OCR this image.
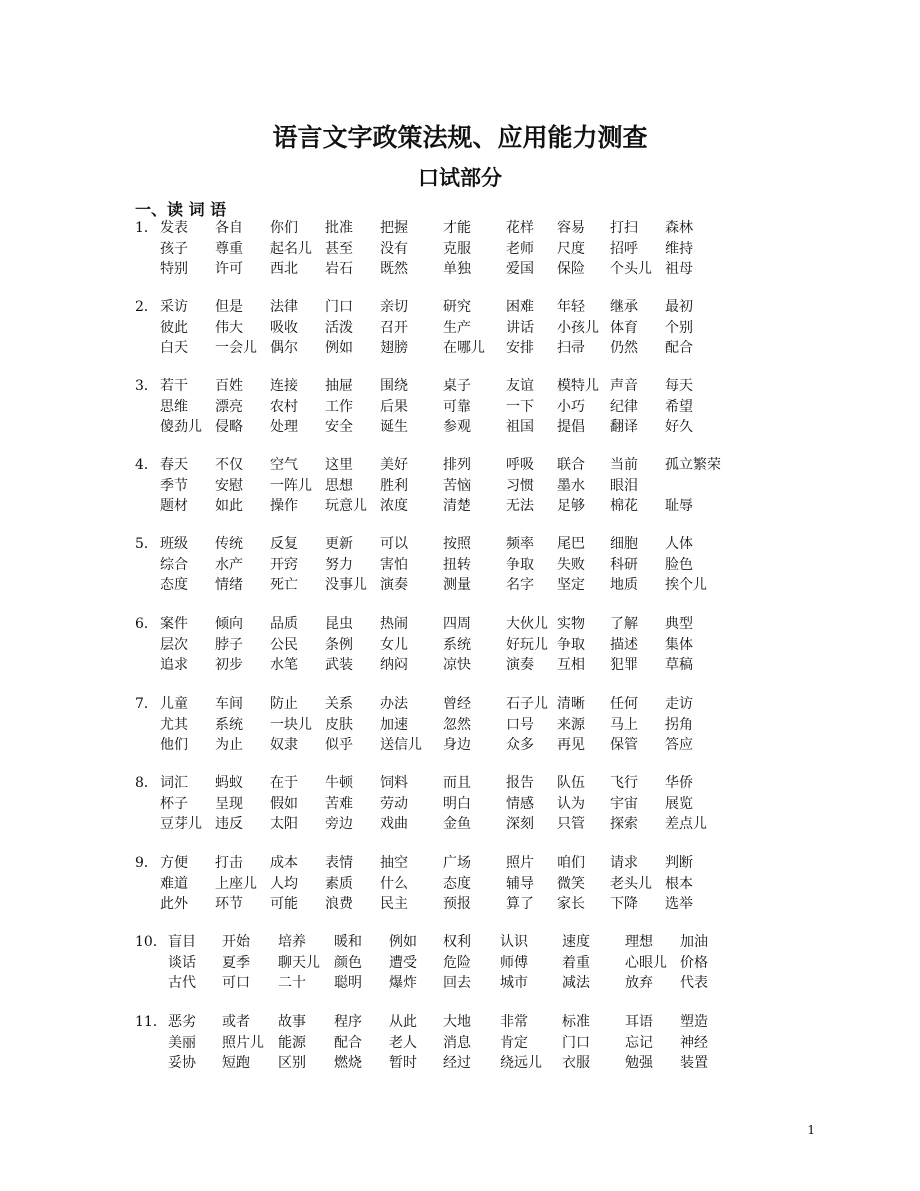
语言文字政策法规、应用能力测查
口试部分
一、读 词 语
1． 发表 各自 你们 批准 把握	才能	花样 容易 打扫 森林
孩子 尊重 起名儿 甚至 没有	克服	老师 尺度 招呼 维持
特别 许可 西北 岩石 既然	单独	爱国 保险 个头儿 祖母
2． 采访 但是 法律 门口 亲切	研究	困难 年轻 继承 最初
彼此 伟大 吸收 活泼 召开	生产	讲话 小孩儿 体育 个别
白天 一会儿 偶尔 例如 翅膀	在哪儿 安排 扫帚 仍然 配合
3． 若干 百姓 连接 抽屉 围绕	桌子	友谊 模特儿 声音 每天
思维 漂亮 农村 工作 后果	可靠	一下 小巧 纪律 希望
傻劲儿 侵略 处理 安全 诞生	参观	祖国 提倡 翻译 好久
4． 春天 不仅 空气 这里 美好	排列	呼吸 联合 当前 孤立繁荣
季节 安慰 一阵儿 思想 胜利	苦恼	习惯 墨水 眼泪
题材 如此 操作 玩意儿 浓度	清楚	无法 足够 棉花 耻辱
5． 班级 传统 反复 更新 可以	按照	频率 尾巴 细胞 人体
综合 水产 开窍 努力 害怕	扭转	争取 失败 科研 脸色
态度 情绪 死亡 没事儿 演奏	测量	名字 坚定 地质 挨个儿
6． 案件 倾向 品质 昆虫 热闹	四周	大伙儿 实物 了解 典型
层次 脖子 公民 条例 女儿	系统	好玩儿 争取 描述 集体
追求 初步 水笔 武装 纳闷	凉快	演奏 互相 犯罪 草稿
7． 儿童 车间 防止 关系 办法	曾经	石子儿 清晰 任何 走访
尤其 系统 一块儿 皮肤 加速	忽然	口号 来源 马上 拐角
他们 为止 奴隶 似乎 送信儿 身边	众多 再见 保管 答应
8． 词汇 蚂蚁 在于 牛顿 饲料	而且	报告 队伍 飞行 华侨
杯子 呈现 假如 苦难 劳动	明白	情感 认为 宇宙 展览
豆芽儿 违反 太阳 旁边 戏曲	金鱼	深刻 只管 探索 差点儿
9． 方便 打击 成本 表情 抽空	广场	照片 咱们 请求 判断
难道 上座儿 人均 素质 什么	态度	辅导 微笑 老头儿 根本
此外 环节 可能 浪费 民主	预报	算了 家长 下降 选举
10． 盲目 开始 培养 暖和 例如 权利 认识 速度	理想 加油
谈话 夏季 聊天儿 颜色 遭受 危险 师傅 着重	心眼儿 价格
古代 可口 二十 聪明 爆炸 回去 城市 减法	放弃 代表
11． 恶劣 或者 故事 程序 从此 大地 非常 标准	耳语 塑造
美丽 照片儿 能源 配合 老人 消息 肯定 门口	忘记 神经
妥协 短跑 区别 燃烧 暂时 经过 绕远儿 衣服	勉强 装置
1
